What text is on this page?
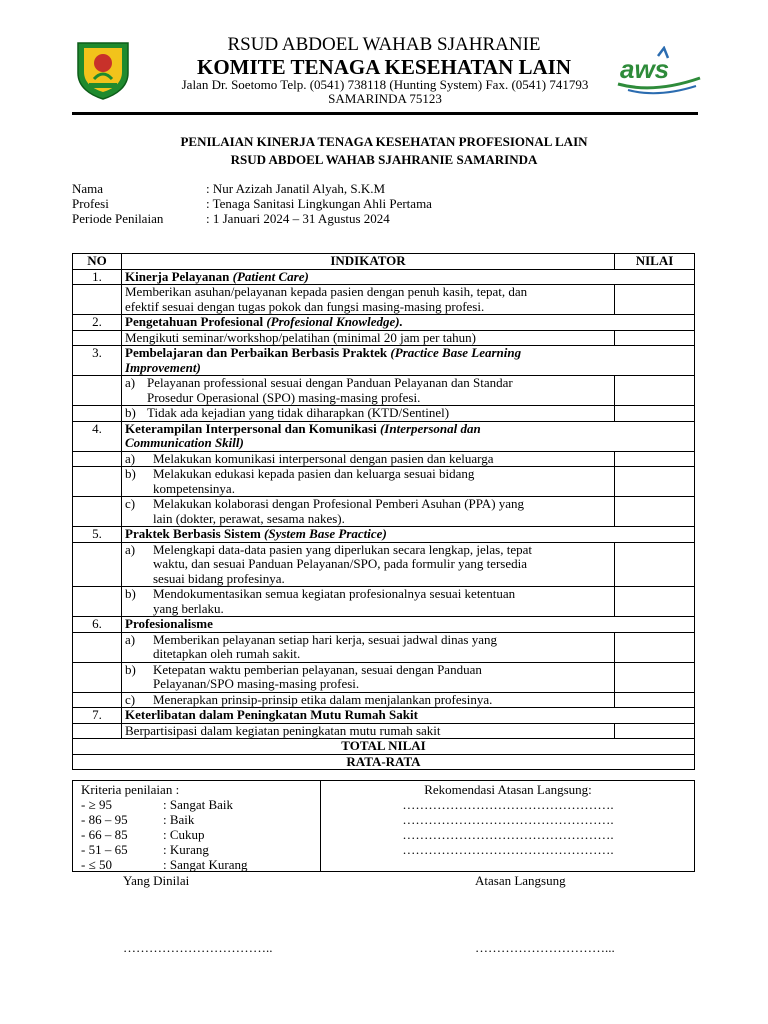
RSUD ABDOEL WAHAB SJAHRANIE
KOMITE TENAGA KESEHATAN LAIN
Jalan Dr. Soetomo Telp. (0541) 738118 (Hunting System) Fax. (0541) 741793
SAMARINDA 75123
aws
PENILAIAN KINERJA TENAGA KESEHATAN PROFESIONAL LAIN
RSUD ABDOEL WAHAB SJAHRANIE SAMARINDA
Nama	: Nur Azizah Janatil Alyah, S.K.M
Profesi	: Tenaga Sanitasi Lingkungan Ahli Pertama
Periode Penilaian	: 1 Januari 2024 – 31 Agustus 2024
NO	INDIKATOR	NILAI
1.	Kinerja Pelayanan (Patient Care)	

	Memberikan asuhan/pelayanan kepada pasien dengan penuh kasih, tepat, dan
efektif sesuai dengan tugas pokok dan fungsi masing-masing profesi.	

2.	Pengetahuan Profesional (Profesional Knowledge).	
	Mengikuti seminar/workshop/pelatihan (minimal 20 jam per tahun)	
3.	Pembelajaran dan Perbaikan Berbasis Praktek (Practice Base Learning
Improvement)	

	a) Pelayanan professional sesuai dengan Panduan Pelayanan dan Standar
Prosedur Operasional (SPO) masing-masing profesi.	

	b) Tidak ada kejadian yang tidak diharapkan (KTD/Sentinel)	

4.	Keterampilan Interpersonal dan Komunikasi (Interpersonal dan
Communication Skill)	

	a) Melakukan komunikasi interpersonal dengan pasien dan keluarga	

	b) Melakukan edukasi kepada pasien dan keluarga sesuai bidang
kompetensinya.	

	c) Melakukan kolaborasi dengan Profesional Pemberi Asuhan (PPA) yang
lain (dokter, perawat, sesama nakes).	

5.	Praktek Berbasis Sistem (System Base Practice)	

	a) Melengkapi data-data pasien yang diperlukan secara lengkap, jelas, tepat
waktu, dan sesuai Panduan Pelayanan/SPO, pada formulir yang tersedia
sesuai bidang profesinya.	

	b) Mendokumentasikan semua kegiatan profesionalnya sesuai ketentuan
yang berlaku.	

6.	Profesionalisme	

	a) Memberikan pelayanan setiap hari kerja, sesuai jadwal dinas yang
ditetapkan oleh rumah sakit.	

	b) Ketepatan waktu pemberian pelayanan, sesuai dengan Panduan
Pelayanan/SPO masing-masing profesi.	

	c) Menerapkan prinsip-prinsip etika dalam menjalankan profesinya.	

7.	Keterlibatan dalam Peningkatan Mutu Rumah Sakit	
	Berpartisipasi dalam kegiatan peningkatan mutu rumah sakit	
TOTAL NILAI		
RATA-RATA		
Kriteria penilaian :
- ≥ 95	: Sangat Baik
- 86 – 95	: Baik
- 66 – 85	: Cukup
- 51 – 65	: Kurang
- ≤ 50	: Sangat Kurang
Rekomendasi Atasan Langsung:
………………………………………….
………………………………………….
………………………………………….
………………………………………….
Yang Dinilai	Atasan Langsung
……………………………..	…………………………...
